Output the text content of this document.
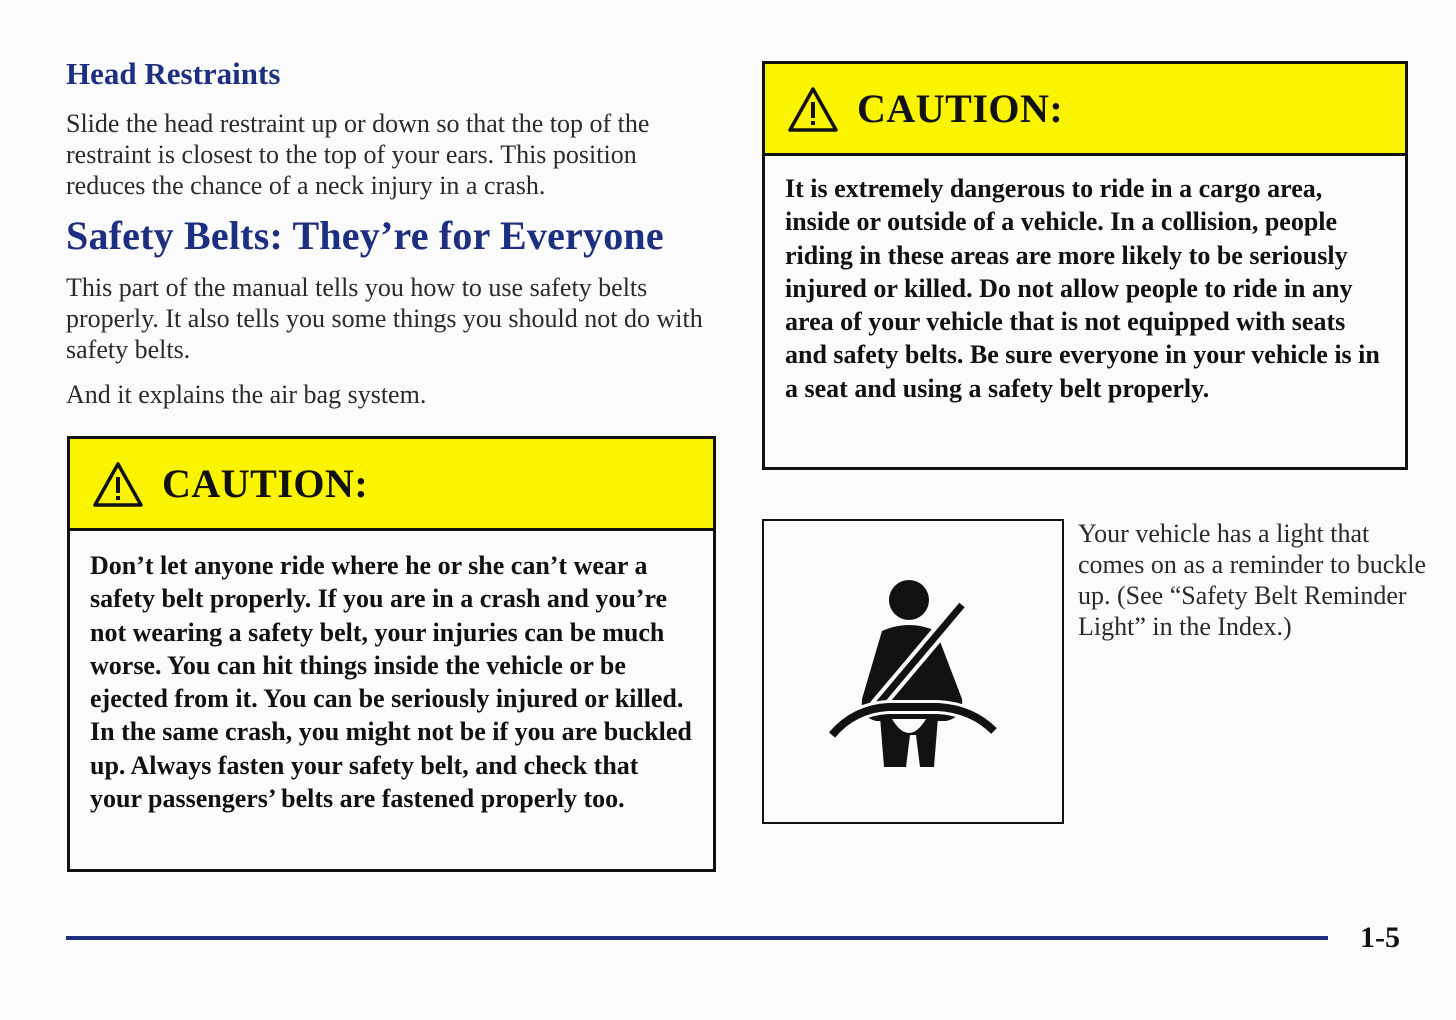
Head Restraints

Slide the head restraint up or down so that the top of the restraint is closest to the top of your ears. This position reduces the chance of a neck injury in a crash.

Safety Belts: They’re for Everyone

This part of the manual tells you how to use safety belts properly. It also tells you some things you should not do with safety belts.

And it explains the air bag system.

CAUTION:
Don’t let anyone ride where he or she can’t wear a safety belt properly. If you are in a crash and you’re not wearing a safety belt, your injuries can be much worse. You can hit things inside the vehicle or be ejected from it. You can be seriously injured or killed. In the same crash, you might not be if you are buckled up. Always fasten your safety belt, and check that your passengers’ belts are fastened properly too.
CAUTION:
It is extremely dangerous to ride in a cargo area, inside or outside of a vehicle. In a collision, people riding in these areas are more likely to be seriously injured or killed. Do not allow people to ride in any area of your vehicle that is not equipped with seats and safety belts. Be sure everyone in your vehicle is in a seat and using a safety belt properly.

Your vehicle has a light that comes on as a reminder to buckle up. (See “Safety Belt Reminder Light” in the Index.)

1-5
